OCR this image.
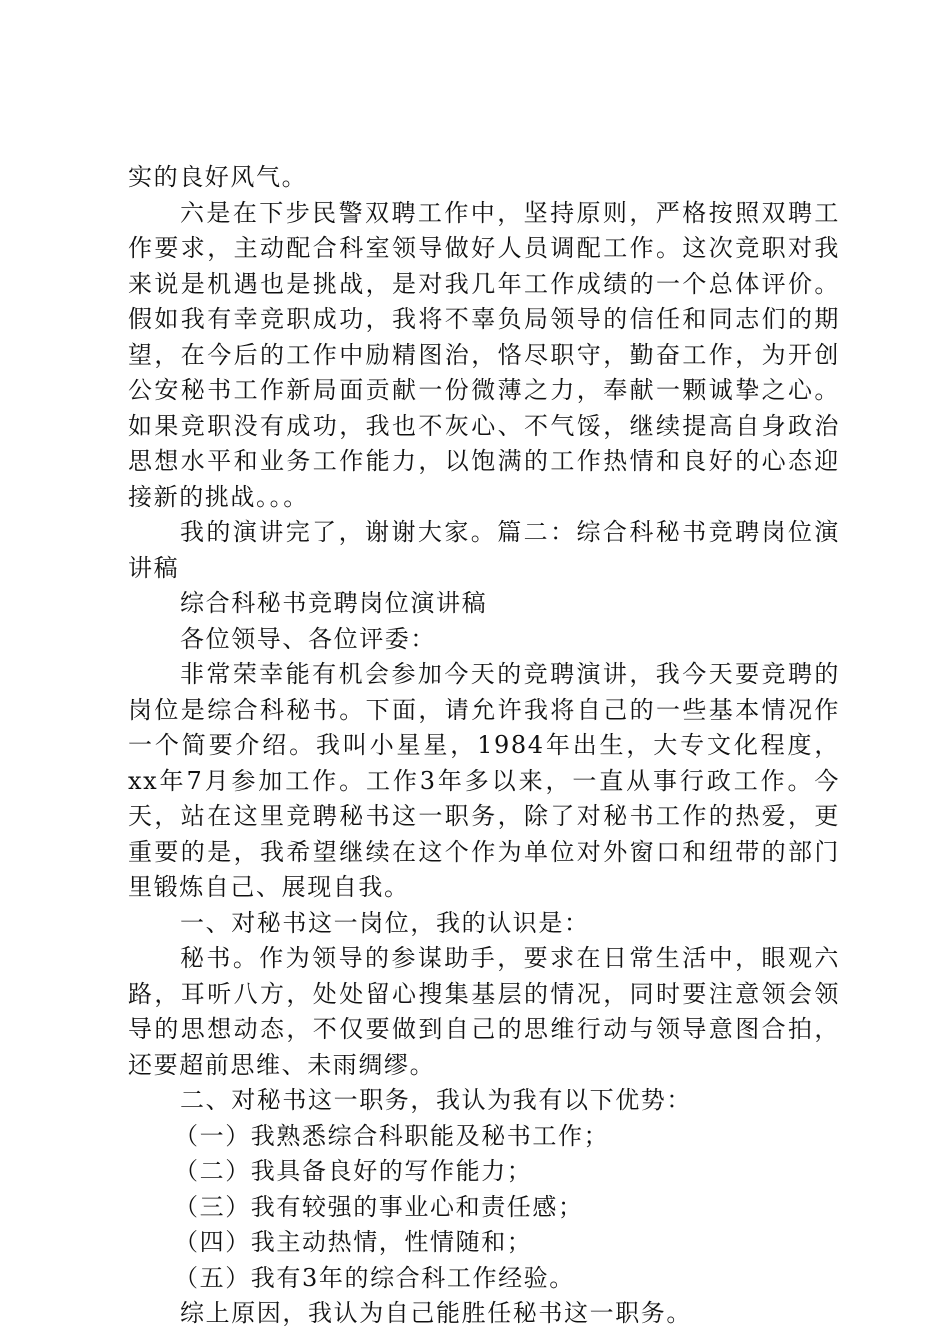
实的良好风气。

六是在下步民警双聘工作中，坚持原则，严格按照双聘工作要求，主动配合科室领导做好人员调配工作。这次竞职对我来说是机遇也是挑战，是对我几年工作成绩的一个总体评价。假如我有幸竞职成功，我将不辜负局领导的信任和同志们的期望，在今后的工作中励精图治，恪尽职守，勤奋工作，为开创公安秘书工作新局面贡献一份微薄之力，奉献一颗诚挚之心。如果竞职没有成功，我也不灰心、不气馁，继续提高自身政治思想水平和业务工作能力，以饱满的工作热情和良好的心态迎接新的挑战。。。

我的演讲完了，谢谢大家。篇二：综合科秘书竞聘岗位演讲稿

综合科秘书竞聘岗位演讲稿

各位领导、各位评委：

非常荣幸能有机会参加今天的竞聘演讲，我今天要竞聘的岗位是综合科秘书。下面，请允许我将自己的一些基本情况作一个简要介绍。我叫小星星，1984年出生，大专文化程度，xx年7月参加工作。工作3年多以来，一直从事行政工作。今天，站在这里竞聘秘书这一职务，除了对秘书工作的热爱，更重要的是，我希望继续在这个作为单位对外窗口和纽带的部门里锻炼自己、展现自我。

一、对秘书这一岗位，我的认识是：

秘书。作为领导的参谋助手，要求在日常生活中，眼观六路，耳听八方，处处留心搜集基层的情况，同时要注意领会领导的思想动态，不仅要做到自己的思维行动与领导意图合拍，还要超前思维、未雨绸缪。

二、对秘书这一职务，我认为我有以下优势：

（一）我熟悉综合科职能及秘书工作；

（二）我具备良好的写作能力；

（三）我有较强的事业心和责任感；

（四）我主动热情，性情随和；

（五）我有3年的综合科工作经验。

综上原因，我认为自己能胜任秘书这一职务。
